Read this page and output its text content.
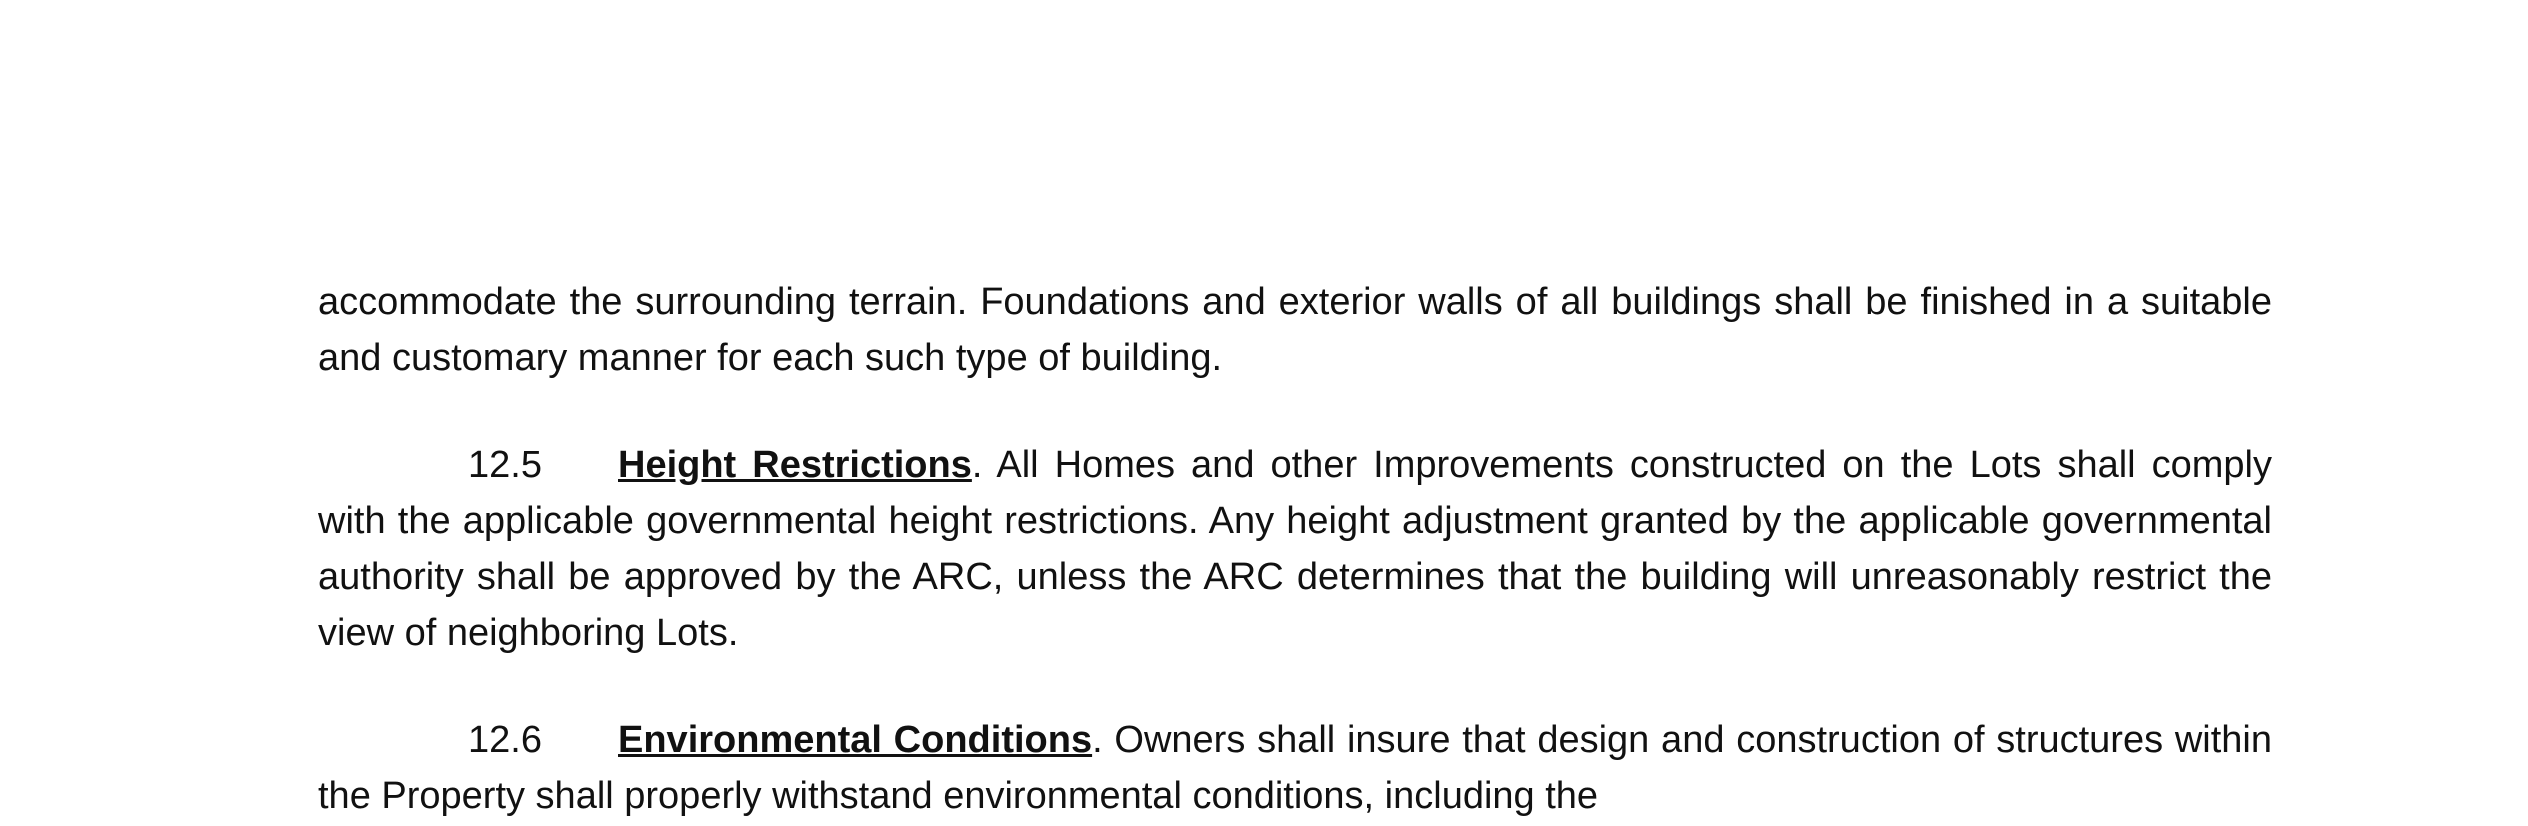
accommodate the surrounding terrain. Foundations and exterior walls of all buildings shall be finished in a suitable and customary manner for each such type of building.

12.5 Height Restrictions. All Homes and other Improvements constructed on the Lots shall comply with the applicable governmental height restrictions. Any height adjustment granted by the applicable governmental authority shall be approved by the ARC, unless the ARC determines that the building will unreasonably restrict the view of neighboring Lots.

12.6 Environmental Conditions. Owners shall insure that design and construction of structures within the Property shall properly withstand environmental conditions, including the
